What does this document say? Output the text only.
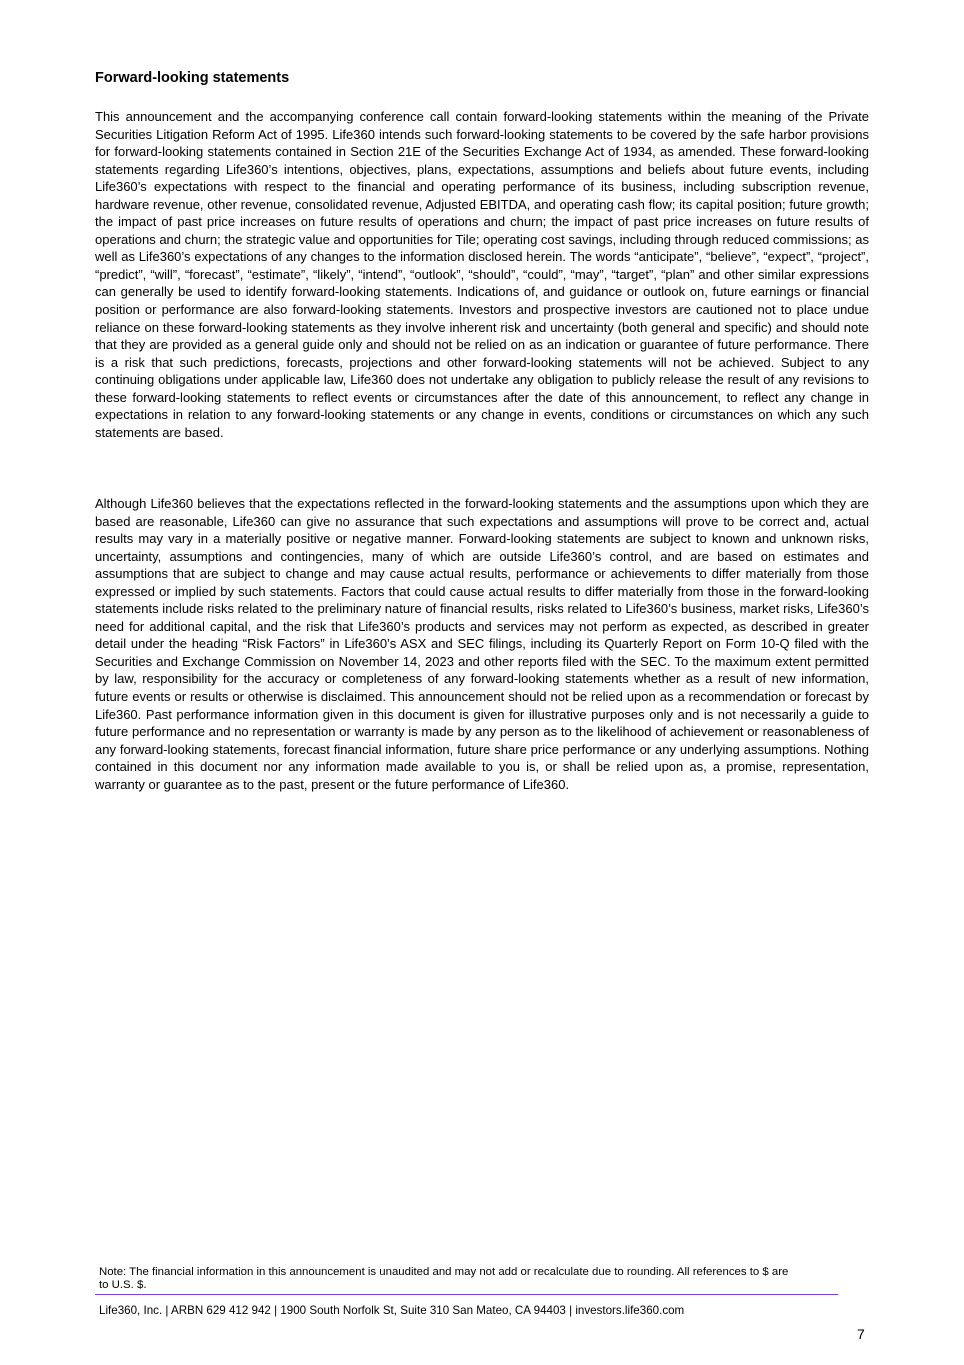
Forward-looking statements

This announcement and the accompanying conference call contain forward-looking statements within the meaning of the Private Securities Litigation Reform Act of 1995. Life360 intends such forward-looking statements to be covered by the safe harbor provisions for forward-looking statements contained in Section 21E of the Securities Exchange Act of 1934, as amended. These forward-looking statements regarding Life360’s intentions, objectives, plans, expectations, assumptions and beliefs about future events, including Life360’s expectations with respect to the financial and operating performance of its business, including subscription revenue, hardware revenue, other revenue, consolidated revenue, Adjusted EBITDA, and operating cash flow; its capital position; future growth; the impact of past price increases on future results of operations and churn; the impact of past price increases on future results of operations and churn; the strategic value and opportunities for Tile; operating cost savings, including through reduced commissions; as well as Life360’s expectations of any changes to the information disclosed herein. The words “anticipate”, “believe”, “expect”, “project”, “predict”, “will”, “forecast”, “estimate”, “likely”, “intend”, “outlook”, “should”, “could”, “may”, “target”, “plan” and other similar expressions can generally be used to identify forward-looking statements. Indications of, and guidance or outlook on, future earnings or financial position or performance are also forward-looking statements. Investors and prospective investors are cautioned not to place undue reliance on these forward-looking statements as they involve inherent risk and uncertainty (both general and specific) and should note that they are provided as a general guide only and should not be relied on as an indication or guarantee of future performance. There is a risk that such predictions, forecasts, projections and other forward-looking statements will not be achieved. Subject to any continuing obligations under applicable law, Life360 does not undertake any obligation to publicly release the result of any revisions to these forward-looking statements to reflect events or circumstances after the date of this announcement, to reflect any change in expectations in relation to any forward-looking statements or any change in events, conditions or circumstances on which any such statements are based.

Although Life360 believes that the expectations reflected in the forward-looking statements and the assumptions upon which they are based are reasonable, Life360 can give no assurance that such expectations and assumptions will prove to be correct and, actual results may vary in a materially positive or negative manner. Forward-looking statements are subject to known and unknown risks, uncertainty, assumptions and contingencies, many of which are outside Life360’s control, and are based on estimates and assumptions that are subject to change and may cause actual results, performance or achievements to differ materially from those expressed or implied by such statements. Factors that could cause actual results to differ materially from those in the forward-looking statements include risks related to the preliminary nature of financial results, risks related to Life360’s business, market risks, Life360’s need for additional capital, and the risk that Life360’s products and services may not perform as expected, as described in greater detail under the heading “Risk Factors” in Life360’s ASX and SEC filings, including its Quarterly Report on Form 10-Q filed with the Securities and Exchange Commission on November 14, 2023 and other reports filed with the SEC. To the maximum extent permitted by law, responsibility for the accuracy or completeness of any forward-looking statements whether as a result of new information, future events or results or otherwise is disclaimed. This announcement should not be relied upon as a recommendation or forecast by Life360. Past performance information given in this document is given for illustrative purposes only and is not necessarily a guide to future performance and no representation or warranty is made by any person as to the likelihood of achievement or reasonableness of any forward-looking statements, forecast financial information, future share price performance or any underlying assumptions. Nothing contained in this document nor any information made available to you is, or shall be relied upon as, a promise, representation, warranty or guarantee as to the past, present or the future performance of Life360.

Note: The financial information in this announcement is unaudited and may not add or recalculate due to rounding. All references to $ are to U.S. $.

Life360, Inc. | ARBN 629 412 942 | 1900 South Norfolk St, Suite 310 San Mateo, CA 94403 | investors.life360.com

7
